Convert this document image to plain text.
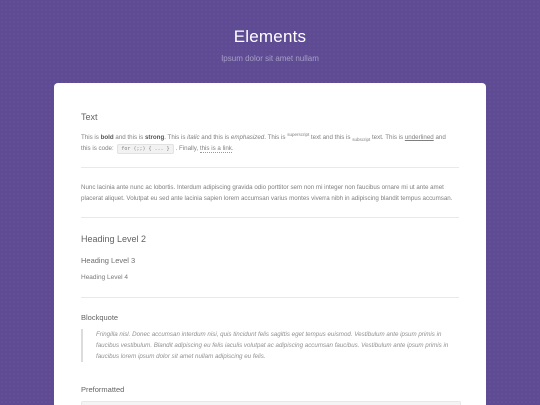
Elements
Ipsum dolor sit amet nullam
Text
This is bold and this is strong. This is italic and this is emphasized. This is $^{superscript}$ text and this is $_{subscript}$ text. This is underlined and this is code: for (;;) { ... } . Finally, this is a link.
Nunc lacinia ante nunc ac lobortis. Interdum adipiscing gravida odio porttitor sem non mi integer non faucibus ornare mi ut ante amet placerat aliquet. Volutpat eu sed ante lacinia sapien lorem accumsan varius montes viverra nibh in adipiscing blandit tempus accumsan.
Heading Level 2
Heading Level 3
Heading Level 4
Blockquote
Fringilla nisl. Donec accumsan interdum nisi, quis tincidunt felis sagittis eget tempus euismod. Vestibulum ante ipsum primis in faucibus vestibulum. Blandit adipiscing eu felis iaculis volutpat ac adipiscing accumsan faucibus. Vestibulum ante ipsum primis in faucibus lorem ipsum dolor sit amet nullam adipiscing eu felis.
Preformatted
